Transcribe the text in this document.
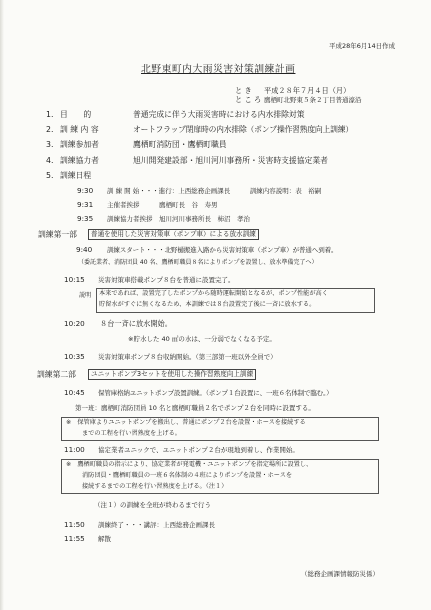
平成28年6月14日作成
北野東町内大雨災害対策訓練計画
と き 平成２８年７月４日（月）
と こ ろ 鷹栖町北野東５条２丁目普通濠沿
1. 目　　的	普通完成に伴う大雨災害時における内水排除対策
2. 訓 練 内 容	オートフラップ閉扉時の内水排除（ポンプ操作習熟度向上訓練）
3. 訓練参加者	鷹栖町消防団・鷹栖町職員
4. 訓練協力者	旭川開発建設部・旭川河川事務所・災害時支援協定業者
5. 訓練日程
9:30 訓 練 開 始・・・進行：上西総務企画課長　　　訓練内容説明：表　裕嗣
9:31 主催者挨拶　　　鷹栖町長　谷　寿男
9:35 訓練協力者挨拶　旭川河川事務所長　柿沼　孝治
訓練第一部	普通を使用した災害対策車（ポンプ車）による放水訓練
9:40 訓練スタート・・・北野樋搬進入路から災害対策車（ポンプ車）が普通へ到着。
（委託業者、消防団員 40 名、鷹栖町職員８名によりポンプを設置し、放水準備完了へ）
10:15 災害対策車搭載ポンプ８台を普通に設置完了。
説明 本来であれば、設置完了したポンプから随時運転開始となるが、ポンプ性能が高く
貯留水がすぐに無くなるため、本訓練では８台設置完了後に一斉に放水する。
10:20 ８台一斉に放水開始。
※貯水した 40 ㎥の水は、一分弱でなくなる予定。
10:35 災害対策車ポンプ８台収納開始。（第三部第一班以外全員で）
訓練第二部	ユニットポンプ3セットを使用した操作習熟度向上訓練
10:45 保管庫格納ユニットポンプ設置訓練。（ポンプ１台設置に、一班６名体制で臨む。）
第一班：鷹栖町消防団員 10 名と鷹栖町職員２名でポンプ２台を同時に設置する。
※　保管庫よりユニットポンプを搬出し、普通にポンプ２台を設置・ホースを接続する
までの工程を行い習熟度を上げる。
11:00 協定業者ユニックで、ユニットポンプ２台が現地到着し、作業開始。
※　鷹栖町職員の指示により、協定業者が発電機・ユニットポンプを指定場所に設置し、
消防団員・鷹栖町職員の一班６名体制の４班によりポンプを設置・ホースを
接続するまでの工程を行い習熟度を上げる。（注１）
（注１）の訓練を全班が終わるまで行う
11:50 訓練終了・・・講評：上西総務企画課長
11:55 解散
（総務企画課情報防災係）
